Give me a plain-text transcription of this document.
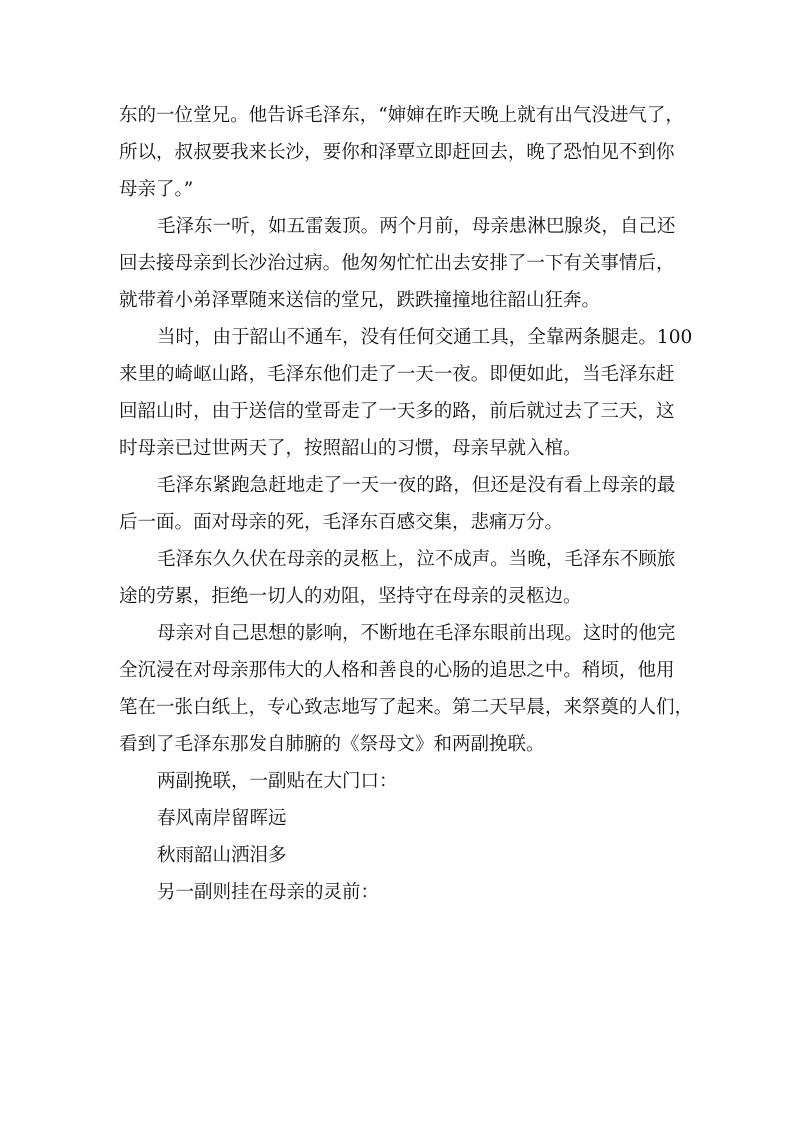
东 的 一 位 堂 兄 。 他 告 诉 毛 泽 东 ， “ 婶 婶 在 昨 天 晚 上 就 有 出 气 没 进 气 了 ，
所 以 ， 叔 叔 要 我 来 长 沙 ， 要 你 和 泽 覃 立 即 赶 回 去 ， 晚 了 恐 怕 见 不 到 你
母亲了。”
毛 泽 东 一 听 ， 如 五 雷 轰 顶 。 两 个 月 前 ， 母 亲 患 淋 巴 腺 炎 ， 自 己 还
回 去 接 母 亲 到 长 沙 治 过 病 。 他 匆 匆 忙 忙 出 去 安 排 了 一 下 有 关 事 情 后 ，
就带着小弟泽覃随来送信的堂兄，跌跌撞撞地往韶山狂奔。
当 时 ， 由 于 韶 山 不 通 车 ， 没 有 任 何 交 通 工 具 ， 全 靠 两 条 腿 走 。 100
来 里 的 崎 岖 山 路 ， 毛 泽 东 他 们 走 了 一 天 一 夜 。 即 便 如 此 ， 当 毛 泽 东 赶
回 韶 山 时 ， 由 于 送 信 的 堂 哥 走 了 一 天 多 的 路 ， 前 后 就 过 去 了 三 天 ， 这
时母亲已过世两天了，按照韶山的习惯，母亲早就入棺。
毛 泽 东 紧 跑 急 赶 地 走 了 一 天 一 夜 的 路 ， 但 还 是 没 有 看 上 母 亲 的 最
后一面。面对母亲的死，毛泽东百感交集，悲痛万分。
毛 泽 东 久 久 伏 在 母 亲 的 灵 柩 上 ， 泣 不 成 声 。 当 晚 ， 毛 泽 东 不 顾 旅
途的劳累，拒绝一切人的劝阻，坚持守在母亲的灵柩边。
母 亲 对 自 己 思 想 的 影 响 ， 不 断 地 在 毛 泽 东 眼 前 出 现 。 这 时 的 他 完
全 沉 浸 在 对 母 亲 那 伟 大 的 人 格 和 善 良 的 心 肠 的 追 思 之 中 。 稍 顷 ， 他 用
笔 在 一 张 白 纸 上 ， 专 心 致 志 地 写 了 起 来 。 第 二 天 早 晨 ， 来 祭 奠 的 人 们 ，
看到了毛泽东那发自肺腑的《祭母文》和两副挽联。
两副挽联，一副贴在大门口：
春风南岸留晖远
秋雨韶山洒泪多
另一副则挂在母亲的灵前：
